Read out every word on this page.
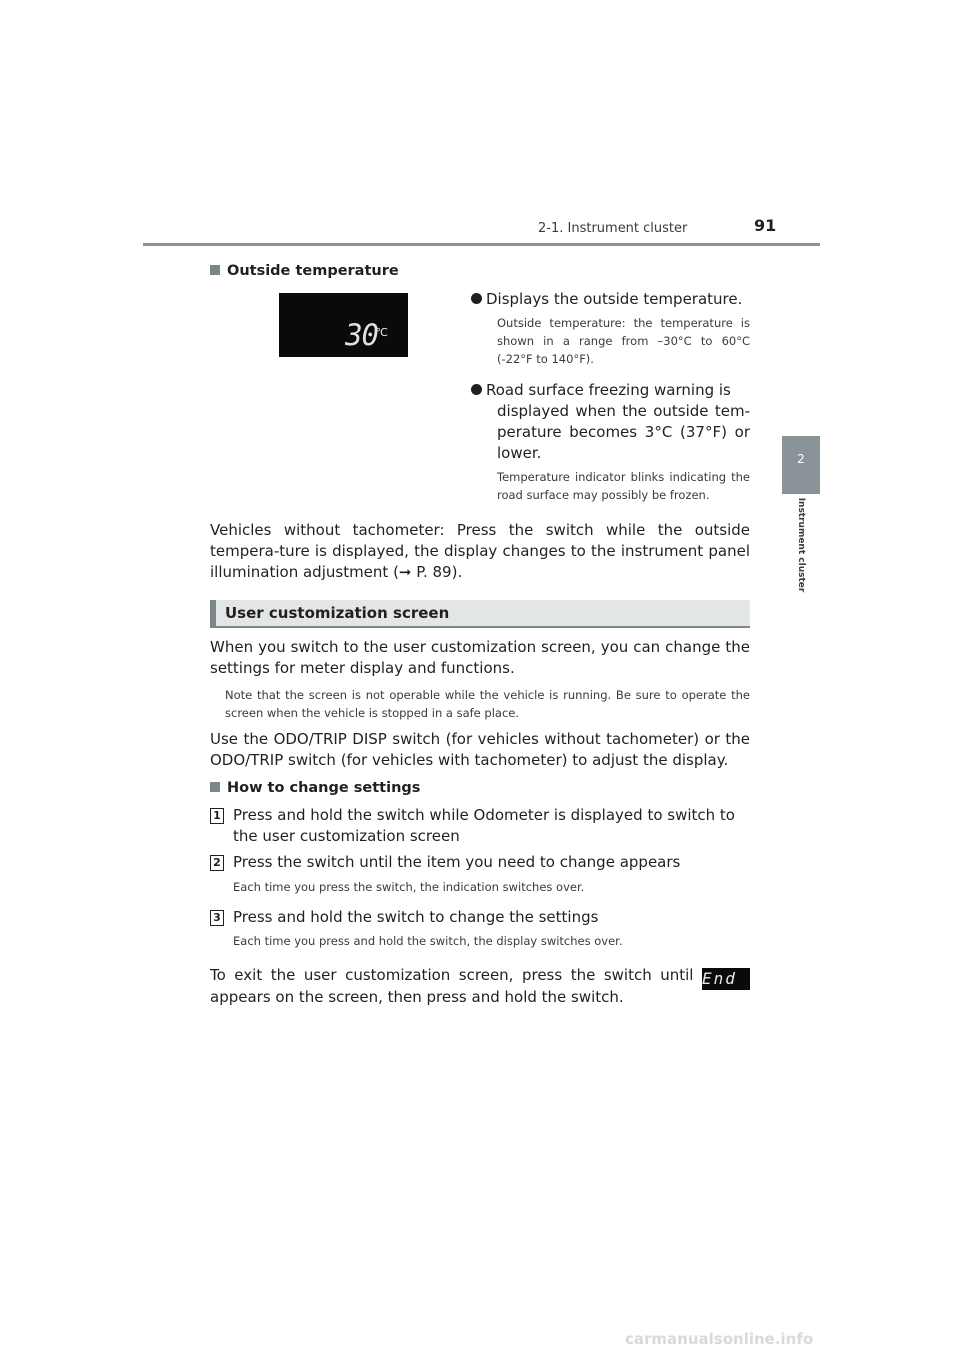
2-1. Instrument cluster	91
2
Instrument cluster
Outside temperature
30
℃
Displays the outside temperature.
Outside temperature: the temperature is shown in a range from –30°C to 60°C (-22°F to 140°F).
Road surface freezing warning is
displayed when the outside tem-perature becomes 3°C (37°F) or lower.
Temperature indicator blinks indicating the road surface may possibly be frozen.
Vehicles without tachometer: Press the switch while the outside tempera-ture is displayed, the display changes to the instrument panel illumination adjustment (➞ P. 89).
User customization screen
When you switch to the user customization screen, you can change the settings for meter display and functions.
Note that the screen is not operable while the vehicle is running. Be sure to operate the screen when the vehicle is stopped in a safe place.
Use the ODO/TRIP DISP switch (for vehicles without tachometer) or the ODO/TRIP switch (for vehicles with tachometer) to adjust the display.
How to change settings
1 Press and hold the switch while Odometer is displayed to switch to the user customization screen
2 Press the switch until the item you need to change appears
Each time you press the switch, the indication switches over.
3 Press and hold the switch to change the settings
Each time you press and hold the switch, the display switches over.
To exit the user customization screen, press the switch until End
appears on the screen, then press and hold the switch.
carmanualsonline.info
